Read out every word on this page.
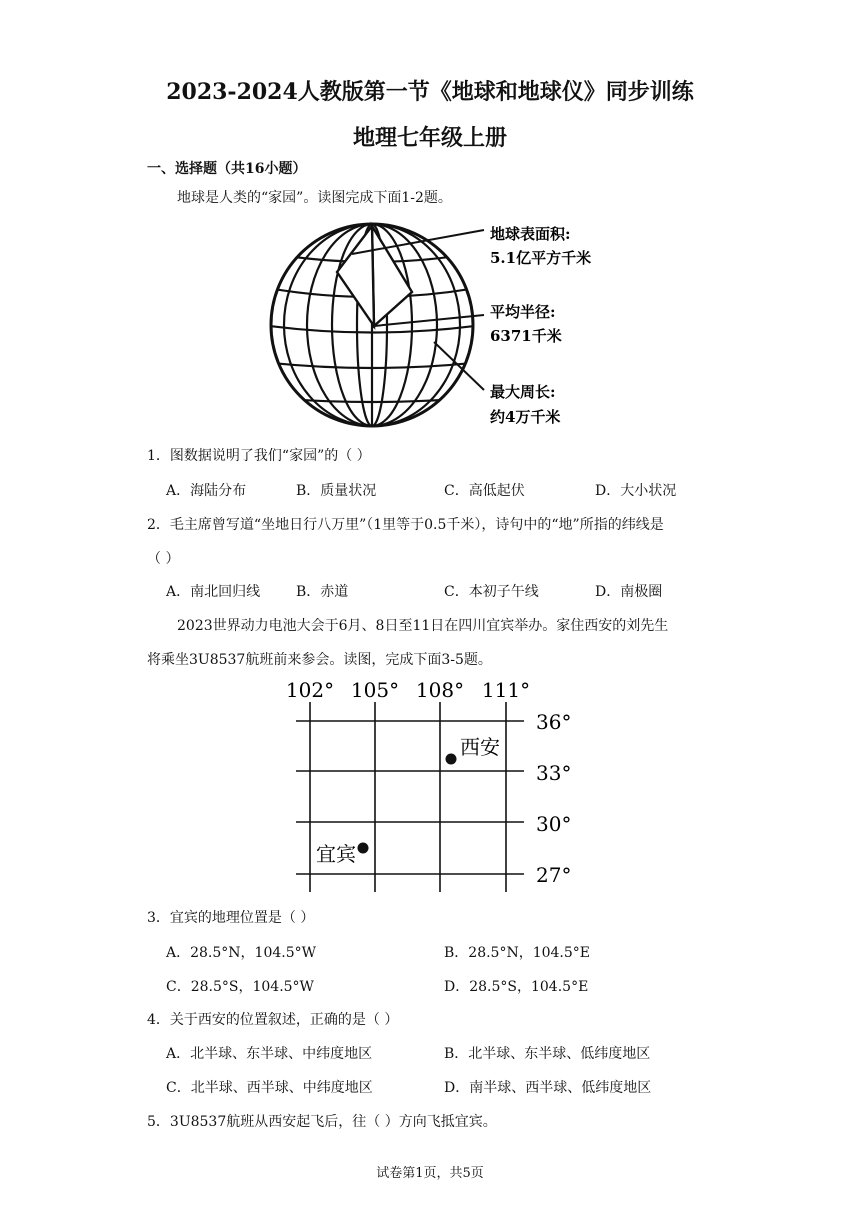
2023-2024人教版第一节《地球和地球仪》同步训练
地理七年级上册
一、选择题（共16小题）
地球是人类的“家园”。读图完成下面1-2题。
地球表面积:
5.1亿平方千米
平均半径:
6371千米
最大周长:
约4万千米
1．图数据说明了我们“家园”的（ ）
A．海陆分布	B．质量状况	C．高低起伏	D．大小状况
2．毛主席曾写道“坐地日行八万里”（1里等于0.5千米），诗句中的“地”所指的纬线是
（ ）
A．南北回归线	B．赤道	C．本初子午线	D．南极圈
2023世界动力电池大会于6月、8日至11日在四川宜宾举办。家住西安的刘先生
将乘坐3U8537航班前来参会。读图，完成下面3-5题。
102° 105° 108° 111°
36°
33°
30°
27°
西安
宜宾
3．宜宾的地理位置是（ ）
A．28.5°N，104.5°W	B．28.5°N，104.5°E
C．28.5°S，104.5°W	D．28.5°S，104.5°E
4．关于西安的位置叙述，正确的是（ ）
A．北半球、东半球、中纬度地区	B．北半球、东半球、低纬度地区
C．北半球、西半球、中纬度地区	D．南半球、西半球、低纬度地区
5．3U8537航班从西安起飞后，往（ ）方向飞抵宜宾。
试卷第1页，共5页
